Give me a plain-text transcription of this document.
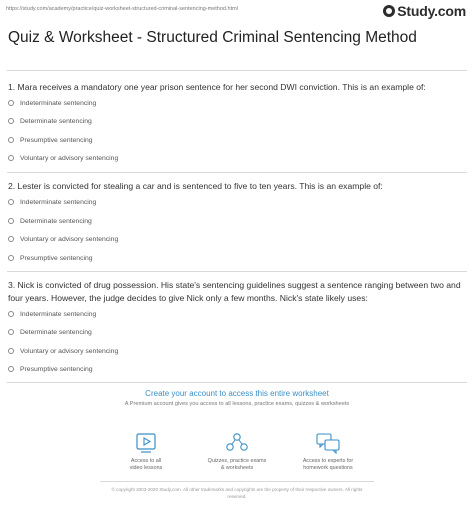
https://study.com/academy/practice/quiz-worksheet-structured-criminal-sentencing-method.html	Study.com
Quiz & Worksheet - Structured Criminal Sentencing Method
1. Mara receives a mandatory one year prison sentence for her second DWI conviction. This is an example of:
Indeterminate sentencing
Determinate sentencing
Presumptive sentencing
Voluntary or advisory sentencing
2. Lester is convicted for stealing a car and is sentenced to five to ten years. This is an example of:
Indeterminate sentencing
Determinate sentencing
Voluntary or advisory sentencing
Presumptive sentencing
3. Nick is convicted of drug possession. His state's sentencing guidelines suggest a sentence ranging between two and four years. However, the judge decides to give Nick only a few months. Nick's state likely uses:
Indeterminate sentencing
Determinate sentencing
Voluntary or advisory sentencing
Presumptive sentencing
Create your account to access this entire worksheet
A Premium account gives you access to all lessons, practice exams, quizzes & worksheets
Access to all
video lessons
Quizzes, practice exams
& worksheets
Access to experts for
homework questions
© copyright 2003-2020 Study.com. All other trademarks and copyrights are the property of their respective owners. All rights
reserved.
